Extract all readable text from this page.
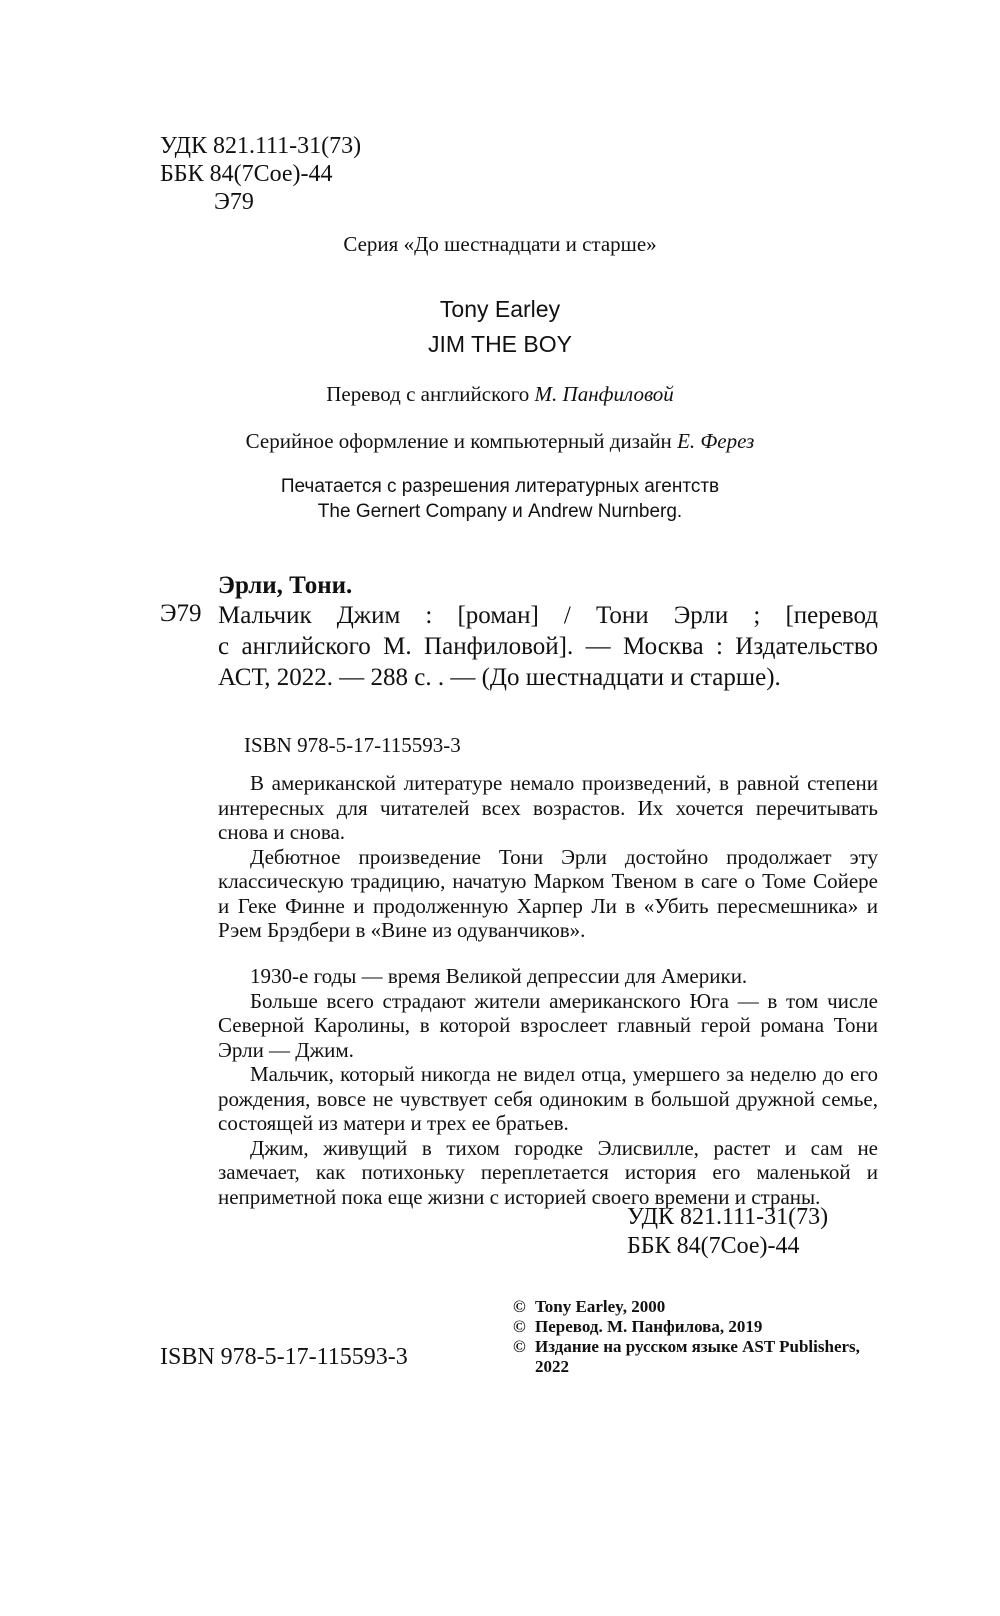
УДК 821.111-31(73)
ББК 84(7Сое)-44
Э79
Серия «До шестнадцати и старше»
Tony Earley
JIM THE BOY
Перевод с английского М. Панфиловой
Серийное оформление и компьютерный дизайн Е. Ферез
Печатается с разрешения литературных агентств
The Gernert Company и Andrew Nurnberg.
Эрли, Тони.
Э79 Мальчик Джим : [роман] / Тони Эрли ; [перевод
с английского М. Панфиловой]. — Москва : Издательство АСТ, 2022. — 288 с. . — (До шестнадцати и старше).
ISBN 978-5-17-115593-3

В американской литературе немало произведений, в равной степени интересных для читателей всех возрастов. Их хочется перечитывать снова и снова.

Дебютное произведение Тони Эрли достойно продолжает эту классическую традицию, начатую Марком Твеном в саге о Томе Сойере и Геке Финне и продолженную Харпер Ли в «Убить пересмешника» и Рэем Брэдбери в «Вине из одуванчиков».

1930-е годы — время Великой депрессии для Америки.

Больше всего страдают жители американского Юга — в том числе Северной Каролины, в которой взрослеет главный герой романа Тони Эрли — Джим.

Мальчик, который никогда не видел отца, умершего за неделю до его рождения, вовсе не чувствует себя одиноким в большой дружной семье, состоящей из матери и трех ее братьев.

Джим, живущий в тихом городке Элисвилле, растет и сам не замечает, как потихоньку переплетается история его маленькой и неприметной пока еще жизни с историей своего времени и страны.

УДК 821.111-31(73)
ББК 84(7Сое)-44
ISBN 978-5-17-115593-3
© Tony Earley, 2000
© Перевод. М. Панфилова, 2019
© Издание на русском языке AST Publishers, 2022
